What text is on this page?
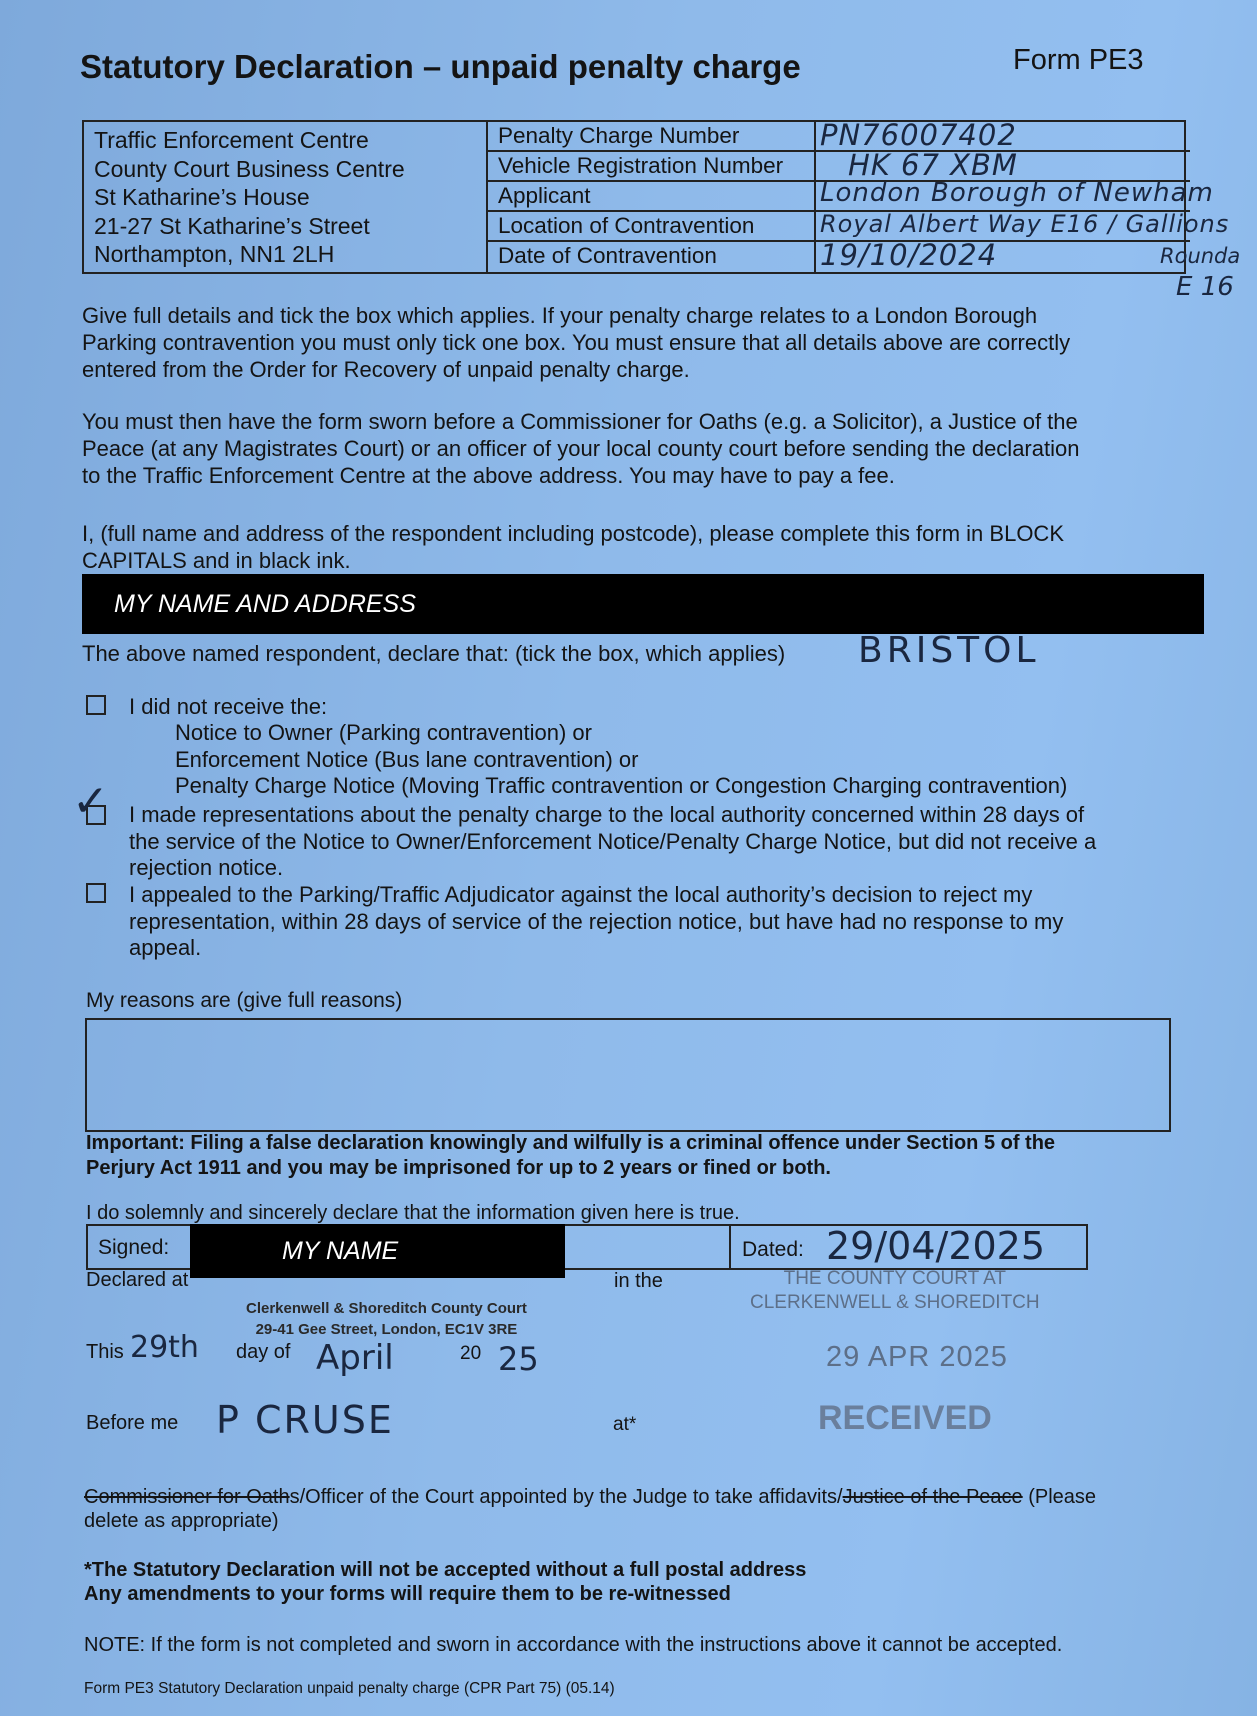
Statutory Declaration – unpaid penalty charge	Form PE3
Traffic Enforcement Centre
County Court Business Centre
St Katharine’s House
21-27 St Katharine’s Street
Northampton, NN1 2LH
Penalty Charge Number	PN76007402
Vehicle Registration Number HK 67 XBM
Applicant	London Borough of Newham
Location of Contravention	Royal Albert Way E16 / Gallions
Date of Contravention	19/10/2024	Rounda
E 16
Give full details and tick the box which applies. If your penalty charge relates to a London Borough
Parking contravention you must only tick one box. You must ensure that all details above are correctly
entered from the Order for Recovery of unpaid penalty charge.
You must then have the form sworn before a Commissioner for Oaths (e.g. a Solicitor), a Justice of the
Peace (at any Magistrates Court) or an officer of your local county court before sending the declaration
to the Traffic Enforcement Centre at the above address. You may have to pay a fee.
I, (full name and address of the respondent including postcode), please complete this form in BLOCK
CAPITALS and in black ink.
MY NAME AND ADDRESS
The above named respondent, declare that: (tick the box, which applies) BRISTOL
I did not receive the:
Notice to Owner (Parking contravention) or
Enforcement Notice (Bus lane contravention) or
Penalty Charge Notice (Moving Traffic contravention or Congestion Charging contravention)
✓ I made representations about the penalty charge to the local authority concerned within 28 days of
the service of the Notice to Owner/Enforcement Notice/Penalty Charge Notice, but did not receive a
rejection notice.
I appealed to the Parking/Traffic Adjudicator against the local authority’s decision to reject my
representation, within 28 days of service of the rejection notice, but have had no response to my
appeal.
My reasons are (give full reasons)
Important: Filing a false declaration knowingly and wilfully is a criminal offence under Section 5 of the
Perjury Act 1911 and you may be imprisoned for up to 2 years or fined or both.
I do solemnly and sincerely declare that the information given here is true.
Signed:	Dated: 29/04/2025
MY NAME
Declared at	in the
Clerkenwell & Shoreditch County Court
29-41 Gee Street, London, EC1V 3RE
THE COUNTY COURT AT
CLERKENWELL & SHOREDITCH
This 29th day of April	20 25	29 APR 2025
Before me P CRUSE	at*	RECEIVED
Commissioner for Oaths/Officer of the Court appointed by the Judge to take affidavits/Justice of the Peace (Please
delete as appropriate)
*The Statutory Declaration will not be accepted without a full postal address
Any amendments to your forms will require them to be re-witnessed
NOTE: If the form is not completed and sworn in accordance with the instructions above it cannot be accepted.
Form PE3 Statutory Declaration unpaid penalty charge (CPR Part 75) (05.14)
